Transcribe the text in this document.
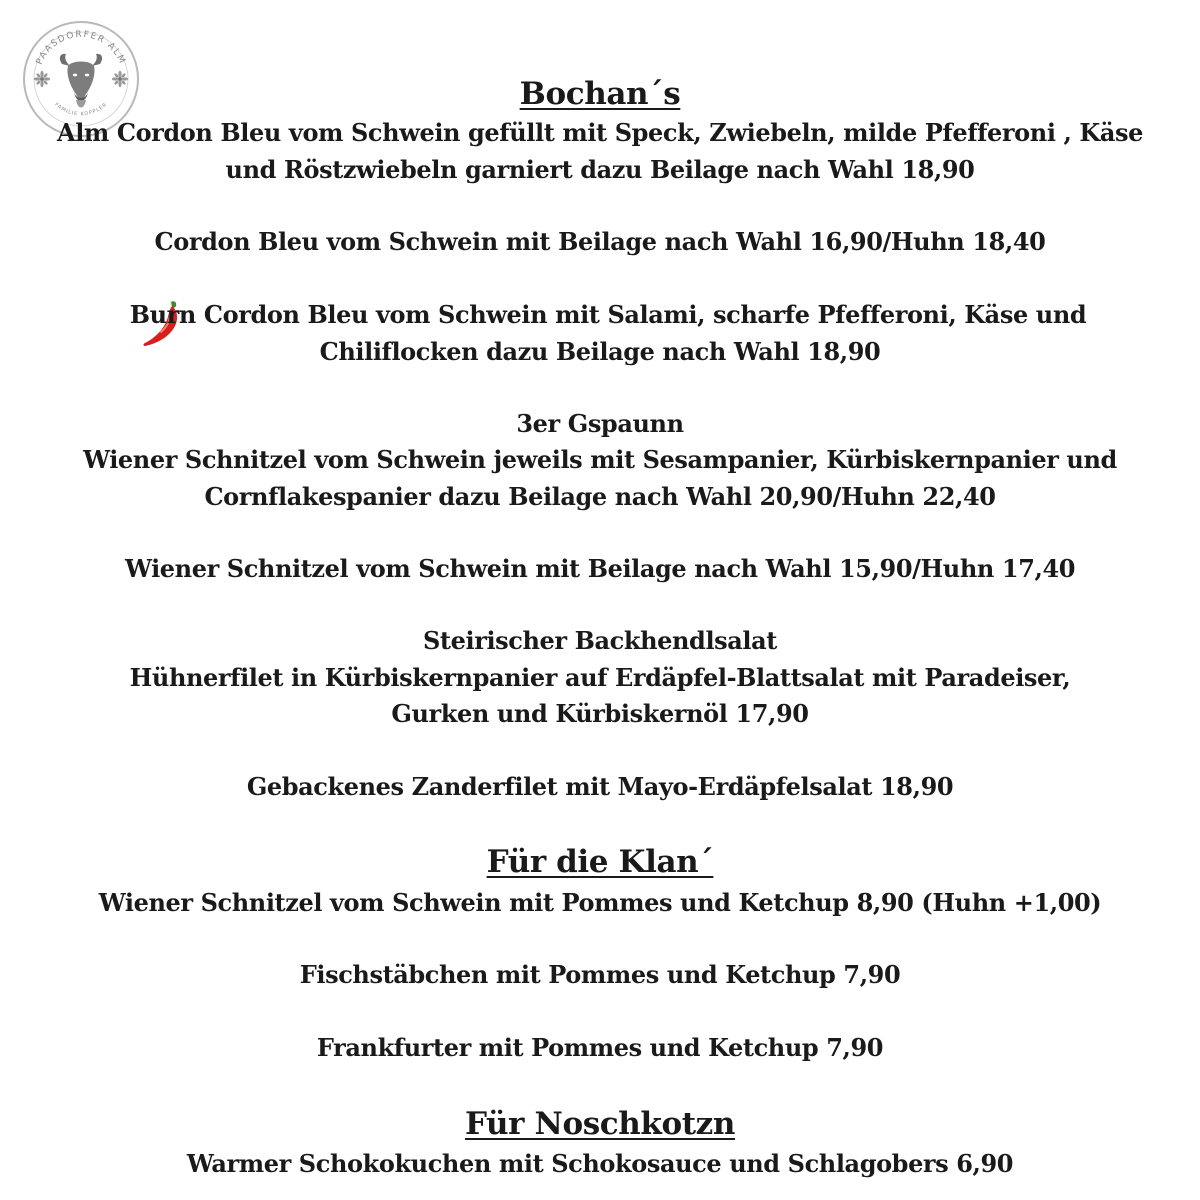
PAASDORFER ALM
FAMILIE KOPPLER	Bochan´s
Alm Cordon Bleu vom Schwein gefüllt mit Speck, Zwiebeln, milde Pfefferoni , Käse
und Röstzwiebeln garniert dazu Beilage nach Wahl 18,90
Cordon Bleu vom Schwein mit Beilage nach Wahl 16,90/Huhn 18,40
Burn Cordon Bleu vom Schwein mit Salami, scharfe Pfefferoni, Käse und
Chiliflocken dazu Beilage nach Wahl 18,90
3er Gspaunn
Wiener Schnitzel vom Schwein jeweils mit Sesampanier, Kürbiskernpanier und
Cornflakespanier dazu Beilage nach Wahl 20,90/Huhn 22,40
Wiener Schnitzel vom Schwein mit Beilage nach Wahl 15,90/Huhn 17,40
Steirischer Backhendlsalat
Hühnerfilet in Kürbiskernpanier auf Erdäpfel-Blattsalat mit Paradeiser,
Gurken und Kürbiskernöl 17,90
Gebackenes Zanderfilet mit Mayo-Erdäpfelsalat 18,90
Für die Klan´
Wiener Schnitzel vom Schwein mit Pommes und Ketchup 8,90 (Huhn +1,00)
Fischstäbchen mit Pommes und Ketchup 7,90
Frankfurter mit Pommes und Ketchup 7,90
Für Noschkotzn
Warmer Schokokuchen mit Schokosauce und Schlagobers 6,90
